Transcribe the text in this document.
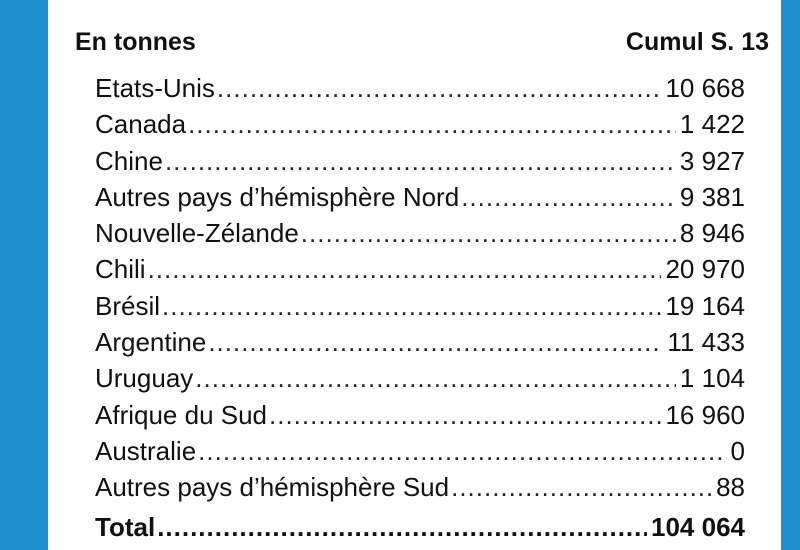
En tonnes	Cumul S. 13
Etats-Unis .....	10 668
Canada .....	1 422
Chine .....	3 927
Autres pays d’hémisphère Nord .....	9 381
Nouvelle-Zélande .....	8 946
Chili .....	20 970
Brésil .....	19 164
Argentine .....	11 433
Uruguay .....	1 104
Afrique du Sud .....	16 960
Australie .....	0
Autres pays d’hémisphère Sud .....	88
Total .....	104 064
